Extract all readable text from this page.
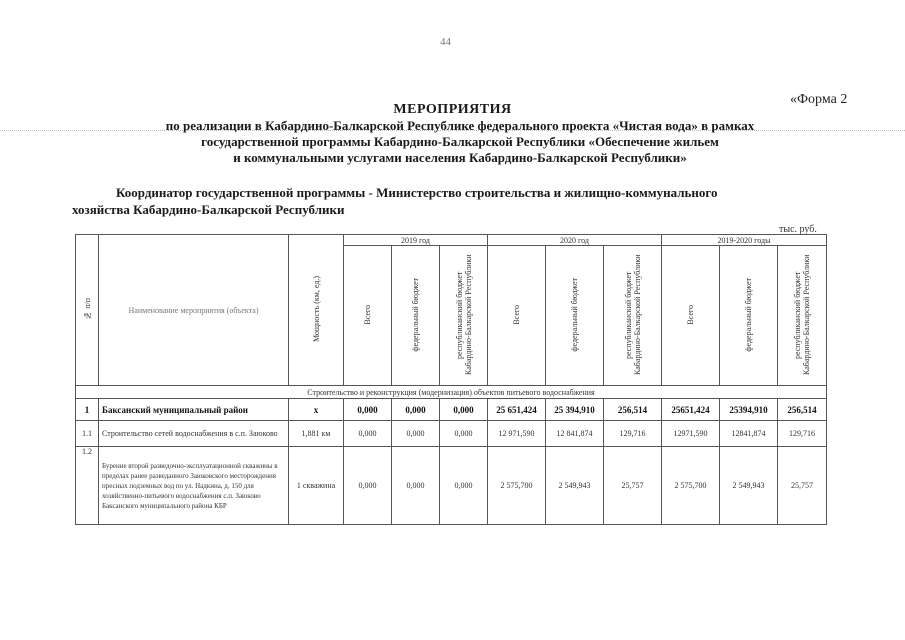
44
«Форма 2
МЕРОПРИЯТИЯ
по реализации в Кабардино-Балкарской Республике федерального проекта «Чистая вода» в рамках
государственной программы Кабардино-Балкарской Республики «Обеспечение жильем
и коммунальными услугами населения Кабардино-Балкарской Республики»
Координатор государственной программы - Министерство строительства и жилищно-коммунального
хозяйства Кабардино-Балкарской Республики
тыс. руб.
№ п/п	Наименование мероприятия (объекта)	Мощность (км, ед.)	2019 год			2020 год			2019-2020 годы		
			Всего	федеральный бюджет	республиканский бюджет Кабардино-Балкарской Республики	Всего	федеральный бюджет	республиканский бюджет Кабардино-Балкарской Республики	Всего	федеральный бюджет	республиканский бюджет Кабардино-Балкарской Республики
Строительство и реконструкция (модернизация) объектов питьевого водоснабжения											
1	Баксанский муниципальный район	x	0,000	0,000	0,000	25 651,424	25 394,910	256,514	25651,424	25394,910	256,514
1.1	Строительство сетей водоснабжения в с.п. Заюково	1,881 км	0,000	0,000	0,000	12 971,590	12 841,874	129,716	12971,590	12841,874	129,716
1.2	Бурение второй разведочно-эксплуатационной скважины в пределах ранее разведанного Заюковского месторождения пресных подземных вод по ул. Надкина, д. 150 для хозяйственно-питьевого водоснабжения с.п. Заюково Баксанского муниципального района КБР	1 скважина	0,000	0,000	0,000	2 575,700	2 549,943	25,757	2 575,700	2 549,943	25,757
